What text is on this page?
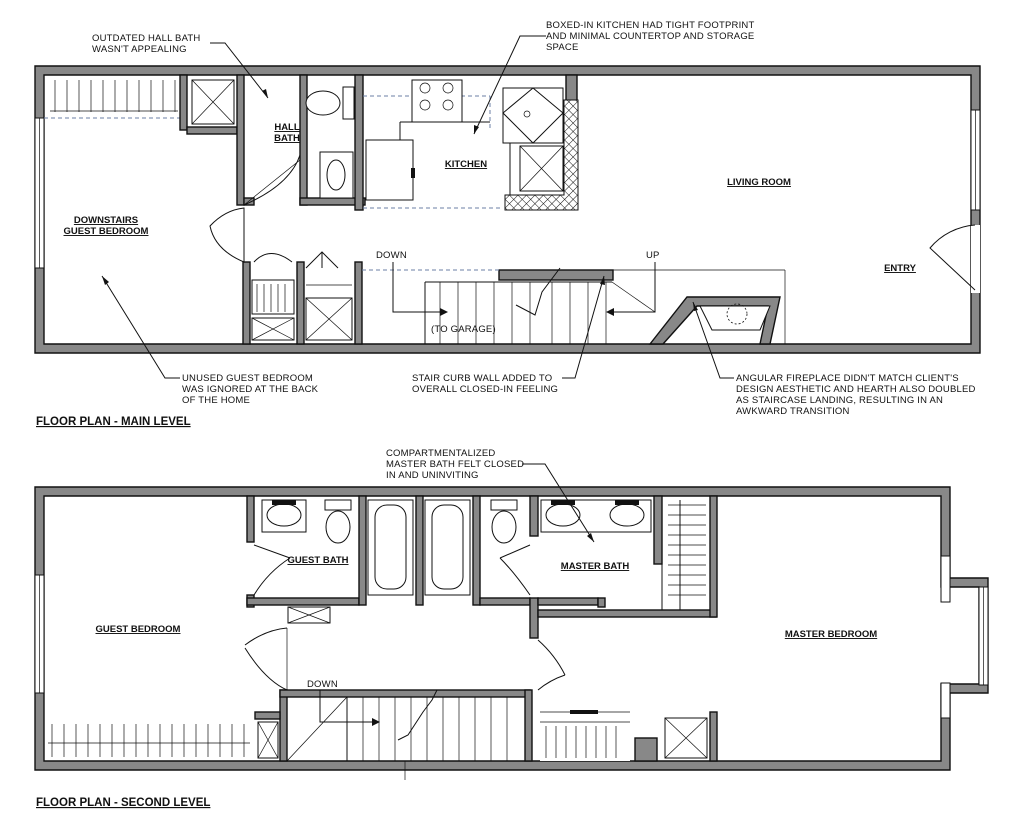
DOWNSTAIRS
GUEST BEDROOM
HALL
BATH
KITCHEN
LIVING ROOM
ENTRY
DOWN	UP
(TO GARAGE)
OUTDATED HALL BATH WASN'T APPEALING
BOXED-IN KITCHEN HAD TIGHT FOOTPRINT AND MINIMAL COUNTERTOP AND STORAGE SPACE
UNUSED GUEST BEDROOM WAS IGNORED AT THE BACK OF THE HOME
STAIR CURB WALL ADDED TO OVERALL CLOSED-IN FEELING
ANGULAR FIREPLACE DIDN'T MATCH CLIENT'S DESIGN AESTHETIC AND HEARTH ALSO DOUBLED AS STAIRCASE LANDING, RESULTING IN AN AWKWARD TRANSITION
FLOOR PLAN - MAIN LEVEL
GUEST BEDROOM
GUEST BATH
MASTER BATH
MASTER BEDROOM
DOWN
COMPARTMENTALIZED MASTER BATH FELT CLOSED IN AND UNINVITING
FLOOR PLAN - SECOND LEVEL
